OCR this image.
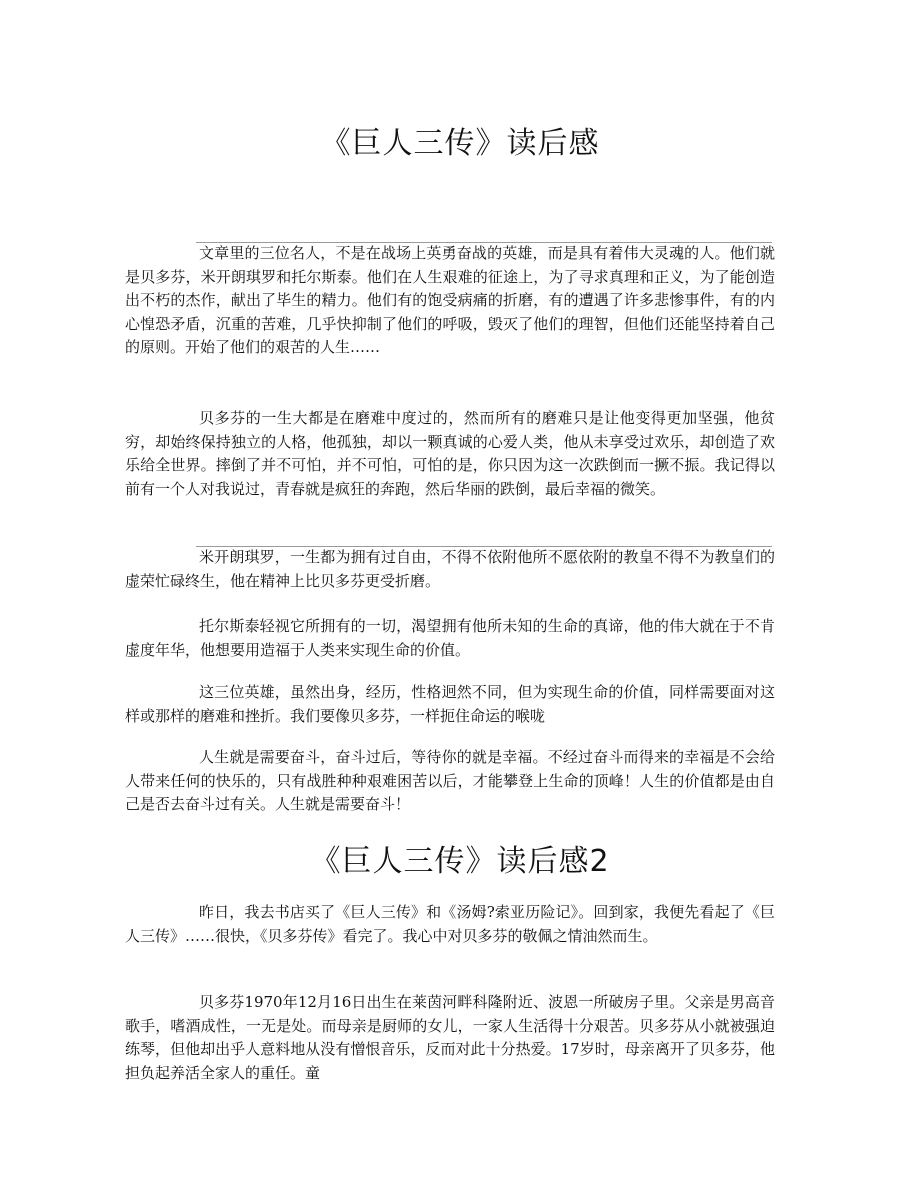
《巨人三传》读后感

文章里的三位名人，不是在战场上英勇奋战的英雄，而是具有着伟大灵魂的人。他们就是贝多芬，米开朗琪罗和托尔斯泰。他们在人生艰难的征途上，为了寻求真理和正义，为了能创造出不朽的杰作，献出了毕生的精力。他们有的饱受病痛的折磨，有的遭遇了许多悲惨事件，有的内心惶恐矛盾，沉重的苦难，几乎快抑制了他们的呼吸，毁灭了他们的理智，但他们还能坚持着自己的原则。开始了他们的艰苦的人生……

贝多芬的一生大都是在磨难中度过的，然而所有的磨难只是让他变得更加坚强，他贫穷，却始终保持独立的人格，他孤独，却以一颗真诚的心爱人类，他从未享受过欢乐，却创造了欢乐给全世界。摔倒了并不可怕，并不可怕，可怕的是，你只因为这一次跌倒而一撅不振。我记得以前有一个人对我说过，青春就是疯狂的奔跑，然后华丽的跌倒，最后幸福的微笑。

米开朗琪罗，一生都为拥有过自由，不得不依附他所不愿依附的教皇不得不为教皇们的虚荣忙碌终生，他在精神上比贝多芬更受折磨。

托尔斯泰轻视它所拥有的一切，渴望拥有他所未知的生命的真谛，他的伟大就在于不肯虚度年华，他想要用造福于人类来实现生命的价值。

这三位英雄，虽然出身，经历，性格迥然不同，但为实现生命的价值，同样需要面对这样或那样的磨难和挫折。我们要像贝多芬，一样扼住命运的喉咙

人生就是需要奋斗，奋斗过后，等待你的就是幸福。不经过奋斗而得来的幸福是不会给人带来任何的快乐的，只有战胜种种艰难困苦以后，才能攀登上生命的顶峰！人生的价值都是由自己是否去奋斗过有关。人生就是需要奋斗！

《巨人三传》读后感2

昨日，我去书店买了《巨人三传》和《汤姆?索亚历险记》。回到家，我便先看起了《巨人三传》……很快，《贝多芬传》看完了。我心中对贝多芬的敬佩之情油然而生。

贝多芬1970年12月16日出生在莱茵河畔科隆附近、波恩一所破房子里。父亲是男高音歌手，嗜酒成性，一无是处。而母亲是厨师的女儿，一家人生活得十分艰苦。贝多芬从小就被强迫练琴，但他却出乎人意料地从没有憎恨音乐，反而对此十分热爱。17岁时，母亲离开了贝多芬，他担负起养活全家人的重任。童
